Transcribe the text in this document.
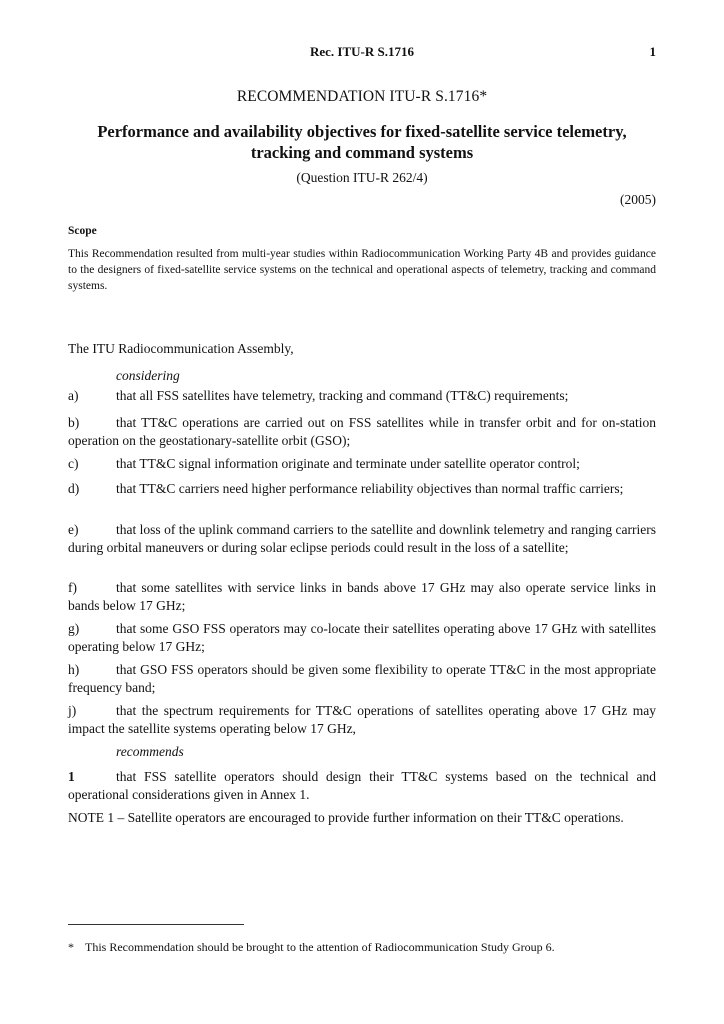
Rec. ITU-R S.1716	1
RECOMMENDATION ITU-R S.1716*
Performance and availability objectives for fixed-satellite service telemetry,
tracking and command systems
(Question ITU-R 262/4)
(2005)
Scope
This Recommendation resulted from multi-year studies within Radiocommunication Working Party 4B and provides guidance to the designers of fixed-satellite service systems on the technical and operational aspects of telemetry, tracking and command systems.
The ITU Radiocommunication Assembly,
considering
a)	that all FSS satellites have telemetry, tracking and command (TT&C) requirements;
b)	that TT&C operations are carried out on FSS satellites while in transfer orbit and for on-station operation on the geostationary-satellite orbit (GSO);
c)	that TT&C signal information originate and terminate under satellite operator control;
d)	that TT&C carriers need higher performance reliability objectives than normal traffic carriers;
e)	that loss of the uplink command carriers to the satellite and downlink telemetry and ranging carriers during orbital maneuvers or during solar eclipse periods could result in the loss of a satellite;
f)	that some satellites with service links in bands above 17 GHz may also operate service links in bands below 17 GHz;
g)	that some GSO FSS operators may co-locate their satellites operating above 17 GHz with satellites operating below 17 GHz;
h)	that GSO FSS operators should be given some flexibility to operate TT&C in the most appropriate frequency band;
j)	that the spectrum requirements for TT&C operations of satellites operating above 17 GHz may impact the satellite systems operating below 17 GHz,
recommends
1	that FSS satellite operators should design their TT&C systems based on the technical and operational considerations given in Annex 1.
NOTE 1 – Satellite operators are encouraged to provide further information on their TT&C operations.
* This Recommendation should be brought to the attention of Radiocommunication Study Group 6.
